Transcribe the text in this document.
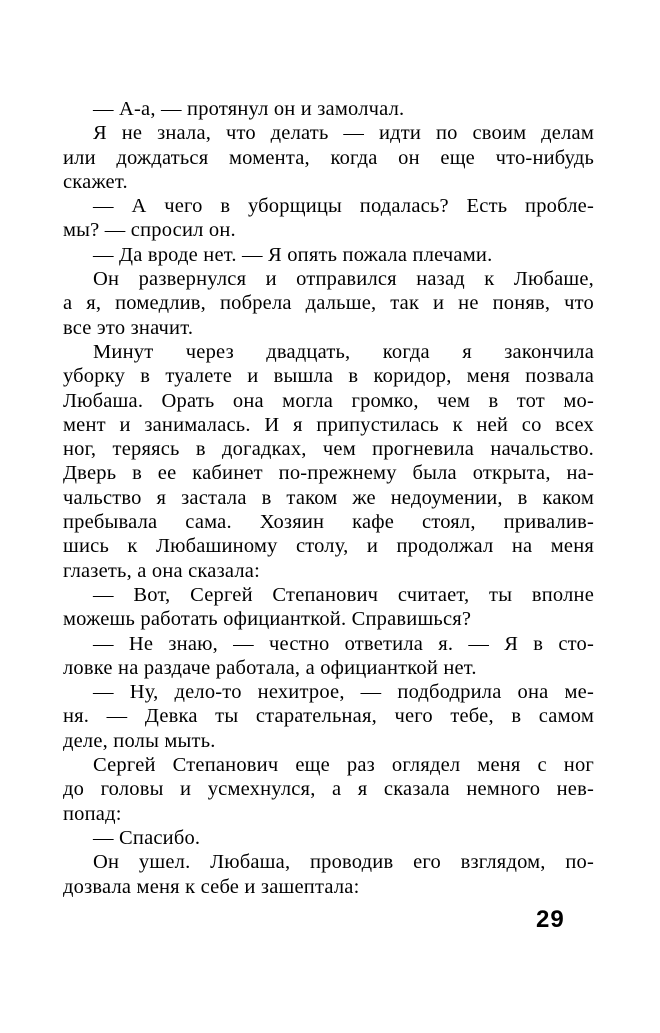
— А-а, — протянул он и замолчал.
Я не знала, что делать — идти по своим делам
или дождаться момента, когда он еще что-нибудь
скажет.
— А чего в уборщицы подалась? Есть пробле-
мы? — спросил он.
— Да вроде нет. — Я опять пожала плечами.
Он развернулся и отправился назад к Любаше,
а я, помедлив, побрела дальше, так и не поняв, что
все это значит.
Минут через двадцать, когда я закончила
уборку в туалете и вышла в коридор, меня позвала
Любаша. Орать она могла громко, чем в тот мо-
мент и занималась. И я припустилась к ней со всех
ног, теряясь в догадках, чем прогневила начальство.
Дверь в ее кабинет по-прежнему была открыта, на-
чальство я застала в таком же недоумении, в каком
пребывала сама. Хозяин кафе стоял, привалив-
шись к Любашиному столу, и продолжал на меня
глазеть, а она сказала:
— Вот, Сергей Степанович считает, ты вполне
можешь работать официанткой. Справишься?
— Не знаю, — честно ответила я. — Я в сто-
ловке на раздаче работала, а официанткой нет.
— Ну, дело-то нехитрое, — подбодрила она ме-
ня. — Девка ты старательная, чего тебе, в самом
деле, полы мыть.
Сергей Степанович еще раз оглядел меня с ног
до головы и усмехнулся, а я сказала немного нев-
попад:
— Спасибо.
Он ушел. Любаша, проводив его взглядом, по-
дозвала меня к себе и зашептала:
29
